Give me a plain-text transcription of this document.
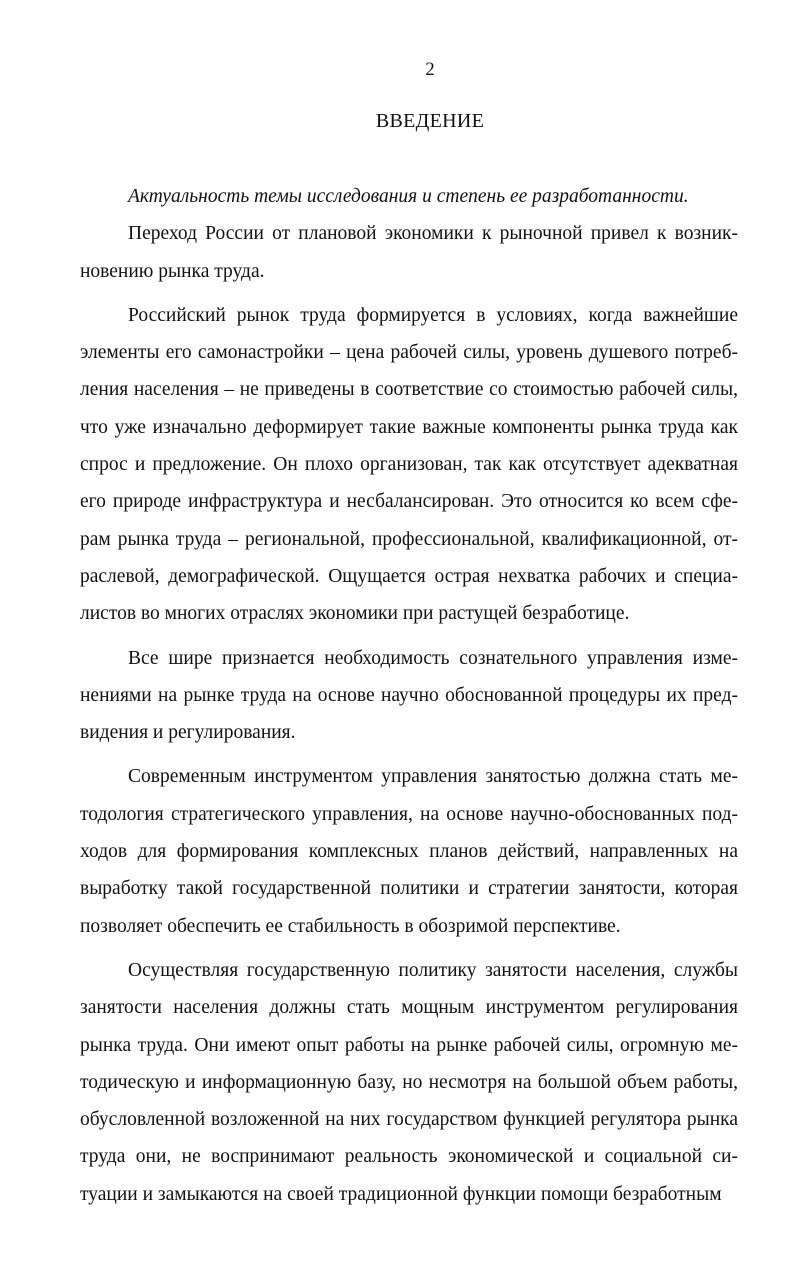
2
ВВЕДЕНИЕ

Актуальность темы исследования и степень ее разработанности.

Переход России от плановой экономики к рыночной привел к возникновению рынка труда.

Российский рынок труда формируется в условиях, когда важнейшие элементы его самонастройки – цена рабочей силы, уровень душевого потребления населения – не приведены в соответствие со стоимостью рабочей силы, что уже изначально деформирует такие важные компоненты рынка труда как спрос и предложение. Он плохо организован, так как отсутствует адекватная его природе инфраструктура и несбалансирован. Это относится ко всем сферам рынка труда – региональной, профессиональной, квалификационной, отраслевой, демографической. Ощущается острая нехватка рабочих и специалистов во многих отраслях экономики при растущей безработице.

Все шире признается необходимость сознательного управления изменениями на рынке труда на основе научно обоснованной процедуры их предвидения и регулирования.

Современным инструментом управления занятостью должна стать методология стратегического управления, на основе научно-обоснованных подходов для формирования комплексных планов действий, направленных на выработку такой государственной политики и стратегии занятости, которая позволяет обеспечить ее стабильность в обозримой перспективе.

Осуществляя государственную политику занятости населения, службы занятости населения должны стать мощным инструментом регулирования рынка труда. Они имеют опыт работы на рынке рабочей силы, огромную методическую и информационную базу, но несмотря на большой объем работы, обусловленной возложенной на них государством функцией регулятора рынка труда они, не воспринимают реальность экономической и социальной ситуации и замыкаются на своей традиционной функции помощи безработным
